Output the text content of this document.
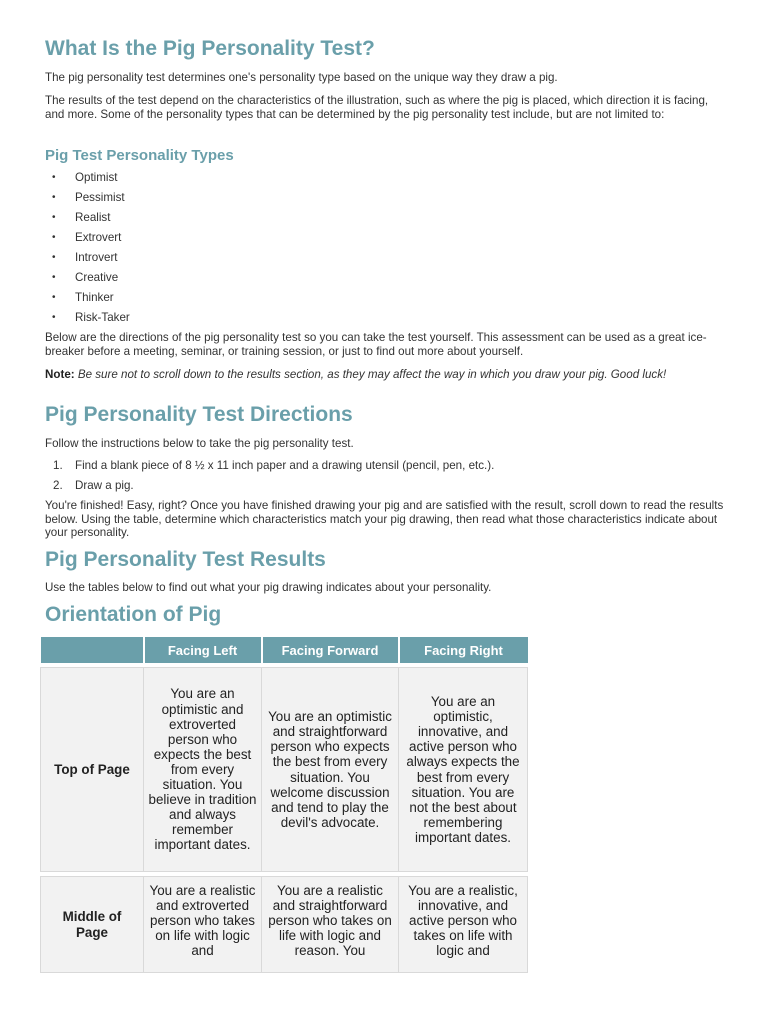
What Is the Pig Personality Test?

The pig personality test determines one's personality type based on the unique way they draw a pig.

The results of the test depend on the characteristics of the illustration, such as where the pig is placed, which direction it is facing, and more. Some of the personality types that can be determined by the pig personality test include, but are not limited to:

Pig Test Personality Types
• Optimist
• Pessimist
• Realist
• Extrovert
• Introvert
• Creative
• Thinker
• Risk-Taker

Below are the directions of the pig personality test so you can take the test yourself. This assessment can be used as a great ice-breaker before a meeting, seminar, or training session, or just to find out more about yourself.

Note: Be sure not to scroll down to the results section, as they may affect the way in which you draw your pig. Good luck!

Pig Personality Test Directions

Follow the instructions below to take the pig personality test.

1. Find a blank piece of 8 ½ x 11 inch paper and a drawing utensil (pencil, pen, etc.).
2. Draw a pig.

You're finished! Easy, right? Once you have finished drawing your pig and are satisfied with the result, scroll down to read the results below. Using the table, determine which characteristics match your pig drawing, then read what those characteristics indicate about your personality.

Pig Personality Test Results

Use the tables below to find out what your pig drawing indicates about your personality.

Orientation of Pig
	Facing Left	Facing Forward	Facing Right

Top of Page	You are an optimistic and extroverted person who expects the best from every situation. You believe in tradition and always remember important dates.	You are an optimistic and straightforward person who expects the best from every situation. You welcome discussion and tend to play the devil's advocate.	You are an optimistic, innovative, and active person who always expects the best from every situation. You are not the best about remembering important dates.

Middle of Page	You are a realistic and extroverted person who takes on life with logic and	You are a realistic and straightforward person who takes on life with logic and reason. You	You are a realistic, innovative, and active person who takes on life with logic and
